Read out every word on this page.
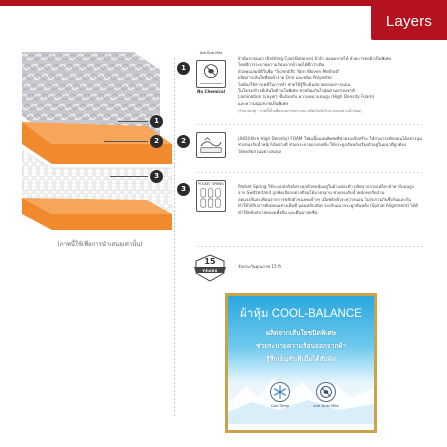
Layers
1
2
3
(ภาพนี้ใช้เพื่อการนำเสนอเท่านั้น)
1
Anti Dust Mite
No Chemical
ผ้าหุ้มภายนอก (Knitting Cool-Balance) ผ้าผ้า ผ่อนคลายได้ ด้วยการทอผ้าเป็นพิเศษ
โดยมีการระบายความร้อนจากผ้าลดได้ดีกว่าเดิม
ด้วยคุณสมบัติในชื่อ "Scientific Yarn Woven Method"
ผลิตจากเส้นใยที่ทอผ้าง่าย Orin และชนิด Polyester
ไม่ต้องใช้สารเคมีในการทำ ช่วยให้รู้สึกเย็นสบายตลอดการนอน
ในโครงสร้างมีเส้นใยด้านในพิเศษ ช่วยป้องกันไรฝุ่นตามธรรมชาติ
Lamination (Layer) ชั้นป้องกัน ความหนาแน่นสูง (High Density Foam)
และความนุ่มสบายเป็นพิเศษ
(*หมายเหตุ : ภาพนี้เป็นเพียงแค่ภาพประกอบ ผลิตภัณฑ์จริงอาจแตกต่างเล็กน้อย)
2	UHD(Ultra High Density) FOAM โฟมเนื้อแน่นพิเศษที่ช่วยรองรับสรีระ ให้สามารถพักผ่อนได้อย่างนุ่ม
ช่วยรองรับน้ำหนักได้อย่างดี ช่วยกระจายแรงกดทับ ให้กระดูกสันหลังเรียงตัวอยู่ในแนวที่ถูกต้อง
ได้ทุกสัดส่วนอย่างสมดุล
3
POCKET SPRING	Pocket Spring ใช้ระบบสปริงอิสระทุกตัวห่อหุ้มอยู่ในผ้าแต่ละตัว ผลิตจากลวดเหล็กกล้าคาร์บอนสูง
จาก Switzerland ถูกคัดเลือกอย่างดีจนได้มาตรฐาน ช่วยรองรับน้ำหนักทุกสัดส่วน
ลดแรงสั่นสะเทือนจากการขยับตัวของคนข้างๆ เมื่อพลิกตัวระหว่างนอน ไม่รบกวนกันซึ่งกันและกัน
ทำให้ได้รับการพักผ่อนอย่างเต็มที่ นอนหลับสนิท รองรับแนวกระดูกสันหลัง (Spinal Alignment) ได้ดี
ทำให้หลับสบายตลอดทั้งคืน และตื่นมาสดชื่น
15
YEARS
รับประกันคุณภาพ 15 ปี
ผ้าหุ้ม COOL-BALANCE
ผลิตจากเส้นใยชนิดพิเศษ
ช่วยระบายความร้อนออกจากผ้า
รู้สึกเย็นทันทีเมื่อได้สัมผัส
Cool Temp	Anti Dust Mite
